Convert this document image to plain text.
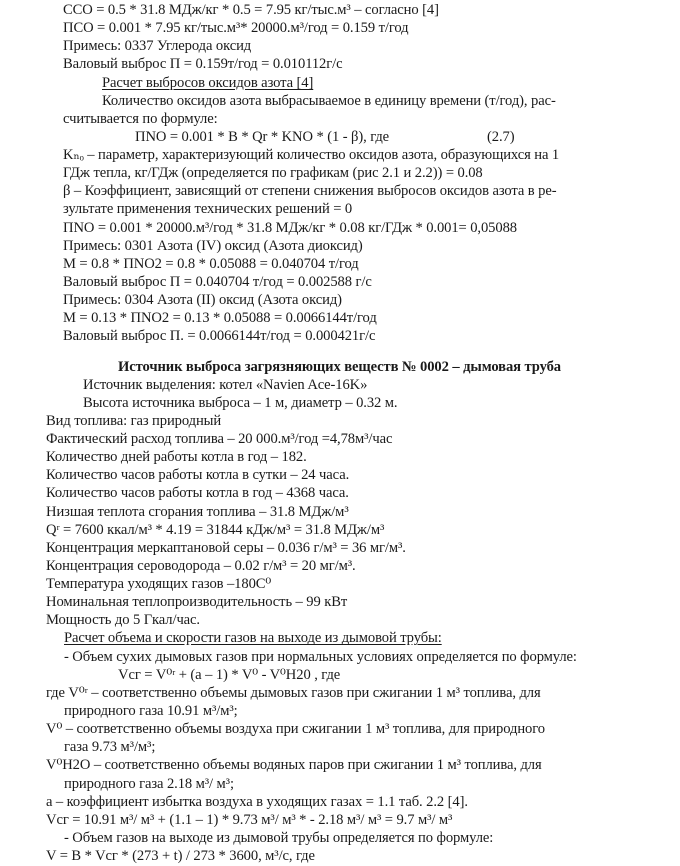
CСО = 0.5 * 31.8 МДж/кг * 0.5 = 7.95 кг/тыс.м³ – согласно [4]
ПСО = 0.001 * 7.95 кг/тыс.м³* 20000.м³/год = 0.159 т/год
Примесь: 0337 Углерода оксид
Валовый выброс П = 0.159т/год = 0.010112г/с
Расчет выбросов оксидов азота [4]
Количество оксидов азота выбрасываемое в единицу времени (т/год), рас-
считывается по формуле:
ПNO = 0.001 * B * Qr * KNO * (1 - β), где	(2.7)
Kₙₒ – параметр, характеризующий количество оксидов азота, образующихся на 1
ГДж тепла, кг/ГДж (определяется по графикам (рис 2.1 и 2.2)) = 0.08
β – Коэффициент, зависящий от степени снижения выбросов оксидов азота в ре-
зультате применения технических решений = 0
ПNO = 0.001 * 20000.м³/год * 31.8 МДж/кг * 0.08 кг/ГДж * 0.001= 0,05088
Примесь: 0301 Азота (IV) оксид (Азота диоксид)
M = 0.8 * ПNO2 = 0.8 * 0.05088 = 0.040704 т/год
Валовый выброс П = 0.040704 т/год = 0.002588 г/с
Примесь: 0304 Азота (II) оксид (Азота оксид)
M = 0.13 * ПNO2 = 0.13 * 0.05088 = 0.0066144т/год
Валовый выброс П. = 0.0066144т/год = 0.000421г/с
Источник выброса загрязняющих веществ № 0002 – дымовая труба
Источник выделения: котел «Navien Ace-16K»
Высота источника выброса – 1 м, диаметр – 0.32 м.
Вид топлива: газ природный
Фактический расход топлива – 20 000.м³/год =4,78м³/час
Количество дней работы котла в год – 182.
Количество часов работы котла в сутки – 24 часа.
Количество часов работы котла в год – 4368 часа.
Низшая теплота сгорания топлива – 31.8 МДж/м³
Qʳ = 7600 ккал/м³ * 4.19 = 31844 кДж/м³ = 31.8 МДж/м³
Концентрация меркаптановой серы – 0.036 г/м³ = 36 мг/м³.
Концентрация сероводорода – 0.02 г/м³ = 20 мг/м³.
Температура уходящих газов –180С⁰
Номинальная теплопроизводительность – 99 кВт
Мощность до 5 Гкал/час.
Расчет объема и скорости газов на выходе из дымовой трубы:
- Объем сухих дымовых газов при нормальных условиях определяется по формуле:
Vсг = V⁰ʳ + (a – 1) * V⁰ - V⁰H20 , где
где V⁰ʳ – соответственно объемы дымовых газов при сжигании 1 м³ топлива, для
природного газа 10.91 м³/м³;
V⁰ – соответственно объемы воздуха при сжигании 1 м³ топлива, для природного
газа 9.73 м³/м³;
V⁰H2O – соответственно объемы водяных паров при сжигании 1 м³ топлива, для
природного газа 2.18 м³/ м³;
a – коэффициент избытка воздуха в уходящих газах = 1.1 таб. 2.2 [4].
Vсг = 10.91 м³/ м³ + (1.1 – 1) * 9.73 м³/ м³ * - 2.18 м³/ м³ = 9.7 м³/ м³
- Объем газов на выходе из дымовой трубы определяется по формуле:
V = B * Vсг * (273 + t) / 273 * 3600, м³/с, где
